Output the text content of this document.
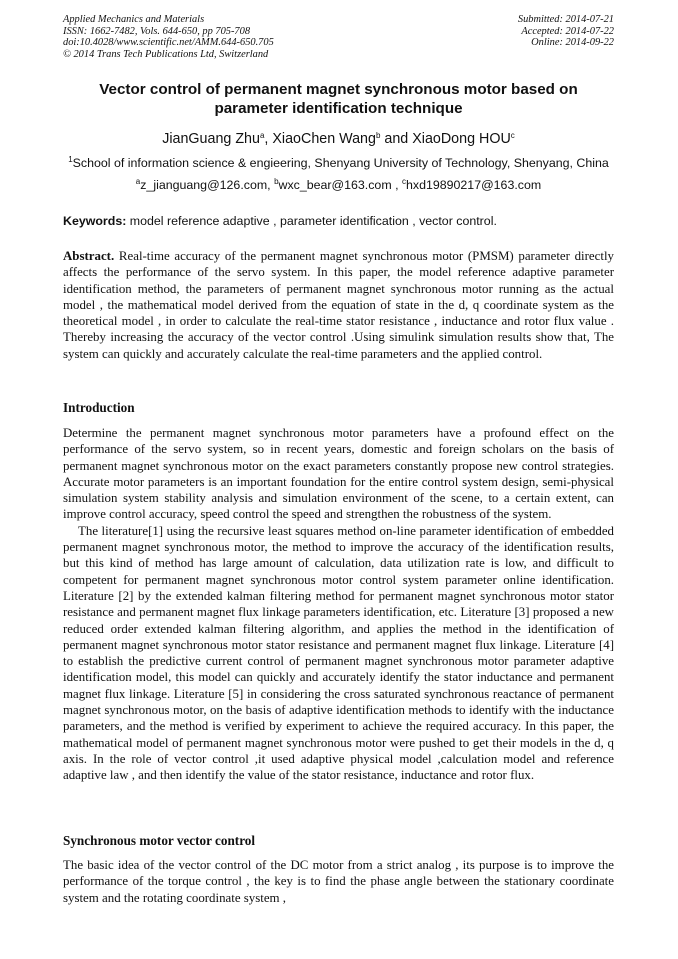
Applied Mechanics and Materials
ISSN: 1662-7482, Vols. 644-650, pp 705-708
doi:10.4028/www.scientific.net/AMM.644-650.705
© 2014 Trans Tech Publications Ltd, Switzerland
Submitted: 2014-07-21
Accepted: 2014-07-22
Online: 2014-09-22
Vector control of permanent magnet synchronous motor based on parameter identification technique
JianGuang Zhu$^a$, XiaoChen Wang$^b$ and XiaoDong HOU$^c$
$^1$School of information science & engieering, Shenyang University of Technology, Shenyang, China
$^a$z_jianguang@126.com, $^b$wxc_bear@163.com , $^c$hxd19890217@163.com
Keywords: model reference adaptive , parameter identification , vector control.

Abstract. Real-time accuracy of the permanent magnet synchronous motor (PMSM) parameter directly affects the performance of the servo system. In this paper, the model reference adaptive parameter identification method, the parameters of permanent magnet synchronous motor running as the actual model , the mathematical model derived from the equation of state in the d, q coordinate system as the theoretical model , in order to calculate the real-time stator resistance , inductance and rotor flux value . Thereby increasing the accuracy of the vector control .Using simulink simulation results show that, The system can quickly and accurately calculate the real-time parameters and the applied control.

Introduction

Determine the permanent magnet synchronous motor parameters have a profound effect on the performance of the servo system, so in recent years, domestic and foreign scholars on the basis of permanent magnet synchronous motor on the exact parameters constantly propose new control strategies. Accurate motor parameters is an important foundation for the entire control system design, semi-physical simulation system stability analysis and simulation environment of the scene, to a certain extent, can improve control accuracy, speed control the speed and strengthen the robustness of the system.

The literature[1] using the recursive least squares method on-line parameter identification of embedded permanent magnet synchronous motor, the method to improve the accuracy of the identification results, but this kind of method has large amount of calculation, data utilization rate is low, and difficult to competent for permanent magnet synchronous motor control system parameter online identification. Literature [2] by the extended kalman filtering method for permanent magnet synchronous motor stator resistance and permanent magnet flux linkage parameters identification, etc. Literature [3] proposed a new reduced order extended kalman filtering algorithm, and applies the method in the identification of permanent magnet synchronous motor stator resistance and permanent magnet flux linkage. Literature [4] to establish the predictive current control of permanent magnet synchronous motor parameter adaptive identification model, this model can quickly and accurately identify the stator inductance and permanent magnet flux linkage. Literature [5] in considering the cross saturated synchronous reactance of permanent magnet synchronous motor, on the basis of adaptive identification methods to identify with the inductance parameters, and the method is verified by experiment to achieve the required accuracy. In this paper, the mathematical model of permanent magnet synchronous motor were pushed to get their models in the d, q axis. In the role of vector control ,it used adaptive physical model ,calculation model and reference adaptive law , and then identify the value of the stator resistance, inductance and rotor flux.

Synchronous motor vector control

The basic idea of the vector control of the DC motor from a strict analog , its purpose is to improve the performance of the torque control , the key is to find the phase angle between the stationary coordinate system and the rotating coordinate system ,
